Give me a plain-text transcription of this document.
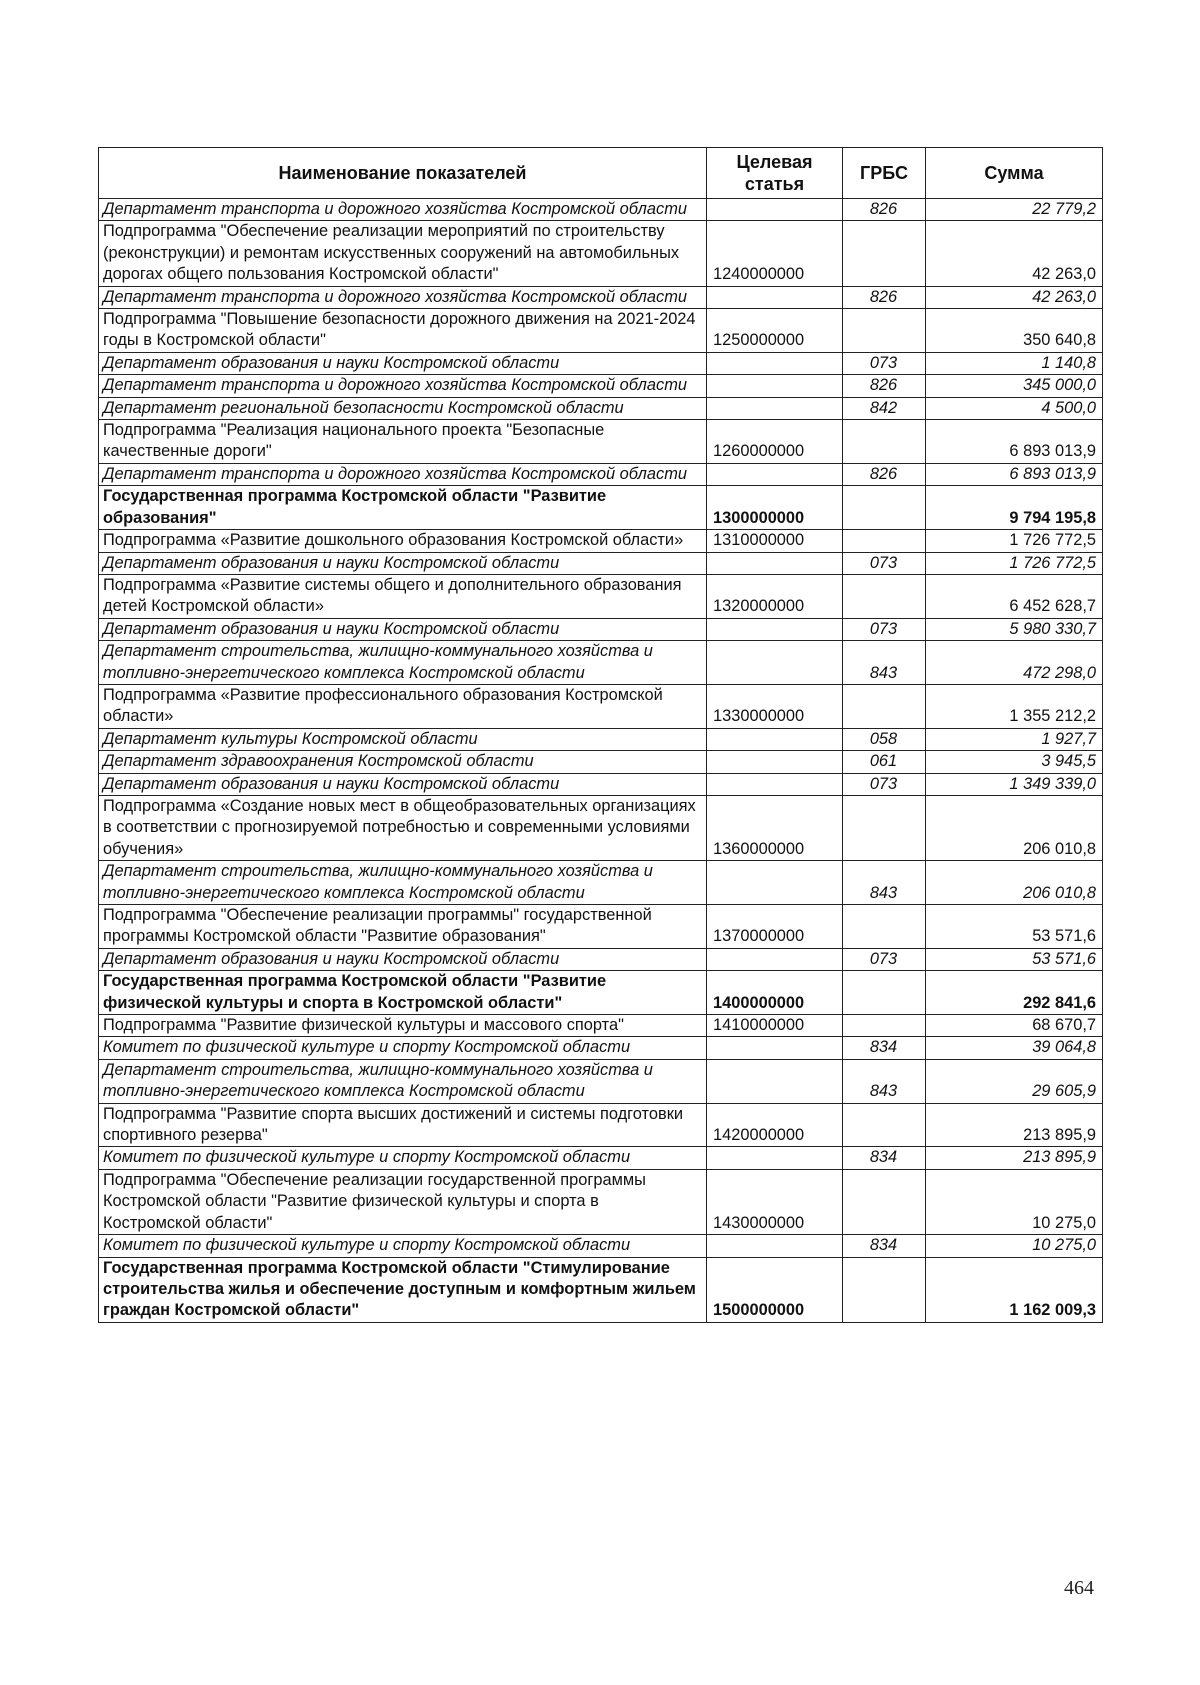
Наименование показателей	Целевая статья	ГРБС	Сумма
Департамент транспорта и дорожного хозяйства Костромской области		826	22 779,2
Подпрограмма "Обеспечение реализации мероприятий по строительству (реконструкции) и ремонтам искусственных сооружений на автомобильных дорогах общего пользования Костромской области"	1240000000		42 263,0
Департамент транспорта и дорожного хозяйства Костромской области		826	42 263,0
Подпрограмма "Повышение безопасности дорожного движения на 2021-2024 годы в Костромской области"	1250000000		350 640,8
Департамент образования и науки Костромской области		073	1 140,8
Департамент транспорта и дорожного хозяйства Костромской области		826	345 000,0
Департамент региональной безопасности Костромской области		842	4 500,0
Подпрограмма "Реализация национального проекта "Безопасные качественные дороги"	1260000000		6 893 013,9
Департамент транспорта и дорожного хозяйства Костромской области		826	6 893 013,9
Государственная программа Костромской области "Развитие образования"	1300000000		9 794 195,8
Подпрограмма «Развитие дошкольного образования Костромской области»	1310000000		1 726 772,5
Департамент образования и науки Костромской области		073	1 726 772,5
Подпрограмма «Развитие системы общего и дополнительного образования детей Костромской области»	1320000000		6 452 628,7
Департамент образования и науки Костромской области		073	5 980 330,7
Департамент строительства, жилищно-коммунального хозяйства и топливно-энергетического комплекса Костромской области		843	472 298,0
Подпрограмма «Развитие профессионального образования Костромской области»	1330000000		1 355 212,2
Департамент культуры Костромской области		058	1 927,7
Департамент здравоохранения Костромской области		061	3 945,5
Департамент образования и науки Костромской области		073	1 349 339,0
Подпрограмма «Создание новых мест в общеобразовательных организациях в соответствии с прогнозируемой потребностью и современными условиями обучения»	1360000000		206 010,8
Департамент строительства, жилищно-коммунального хозяйства и топливно-энергетического комплекса Костромской области		843	206 010,8
Подпрограмма "Обеспечение реализации программы" государственной программы Костромской области "Развитие образования"	1370000000		53 571,6
Департамент образования и науки Костромской области		073	53 571,6
Государственная программа Костромской области "Развитие физической культуры и спорта в Костромской области"	1400000000		292 841,6
Подпрограмма "Развитие физической культуры и массового спорта"	1410000000		68 670,7
Комитет по физической культуре и спорту Костромской области		834	39 064,8
Департамент строительства, жилищно-коммунального хозяйства и топливно-энергетического комплекса Костромской области		843	29 605,9
Подпрограмма "Развитие спорта высших достижений и системы подготовки спортивного резерва"	1420000000		213 895,9
Комитет по физической культуре и спорту Костромской области		834	213 895,9
Подпрограмма "Обеспечение реализации государственной программы Костромской области "Развитие физической культуры и спорта в Костромской области"	1430000000		10 275,0
Комитет по физической культуре и спорту Костромской области		834	10 275,0
Государственная программа Костромской области "Стимулирование строительства жилья и обеспечение доступным и комфортным жильем граждан Костромской области"	1500000000		1 162 009,3
464
